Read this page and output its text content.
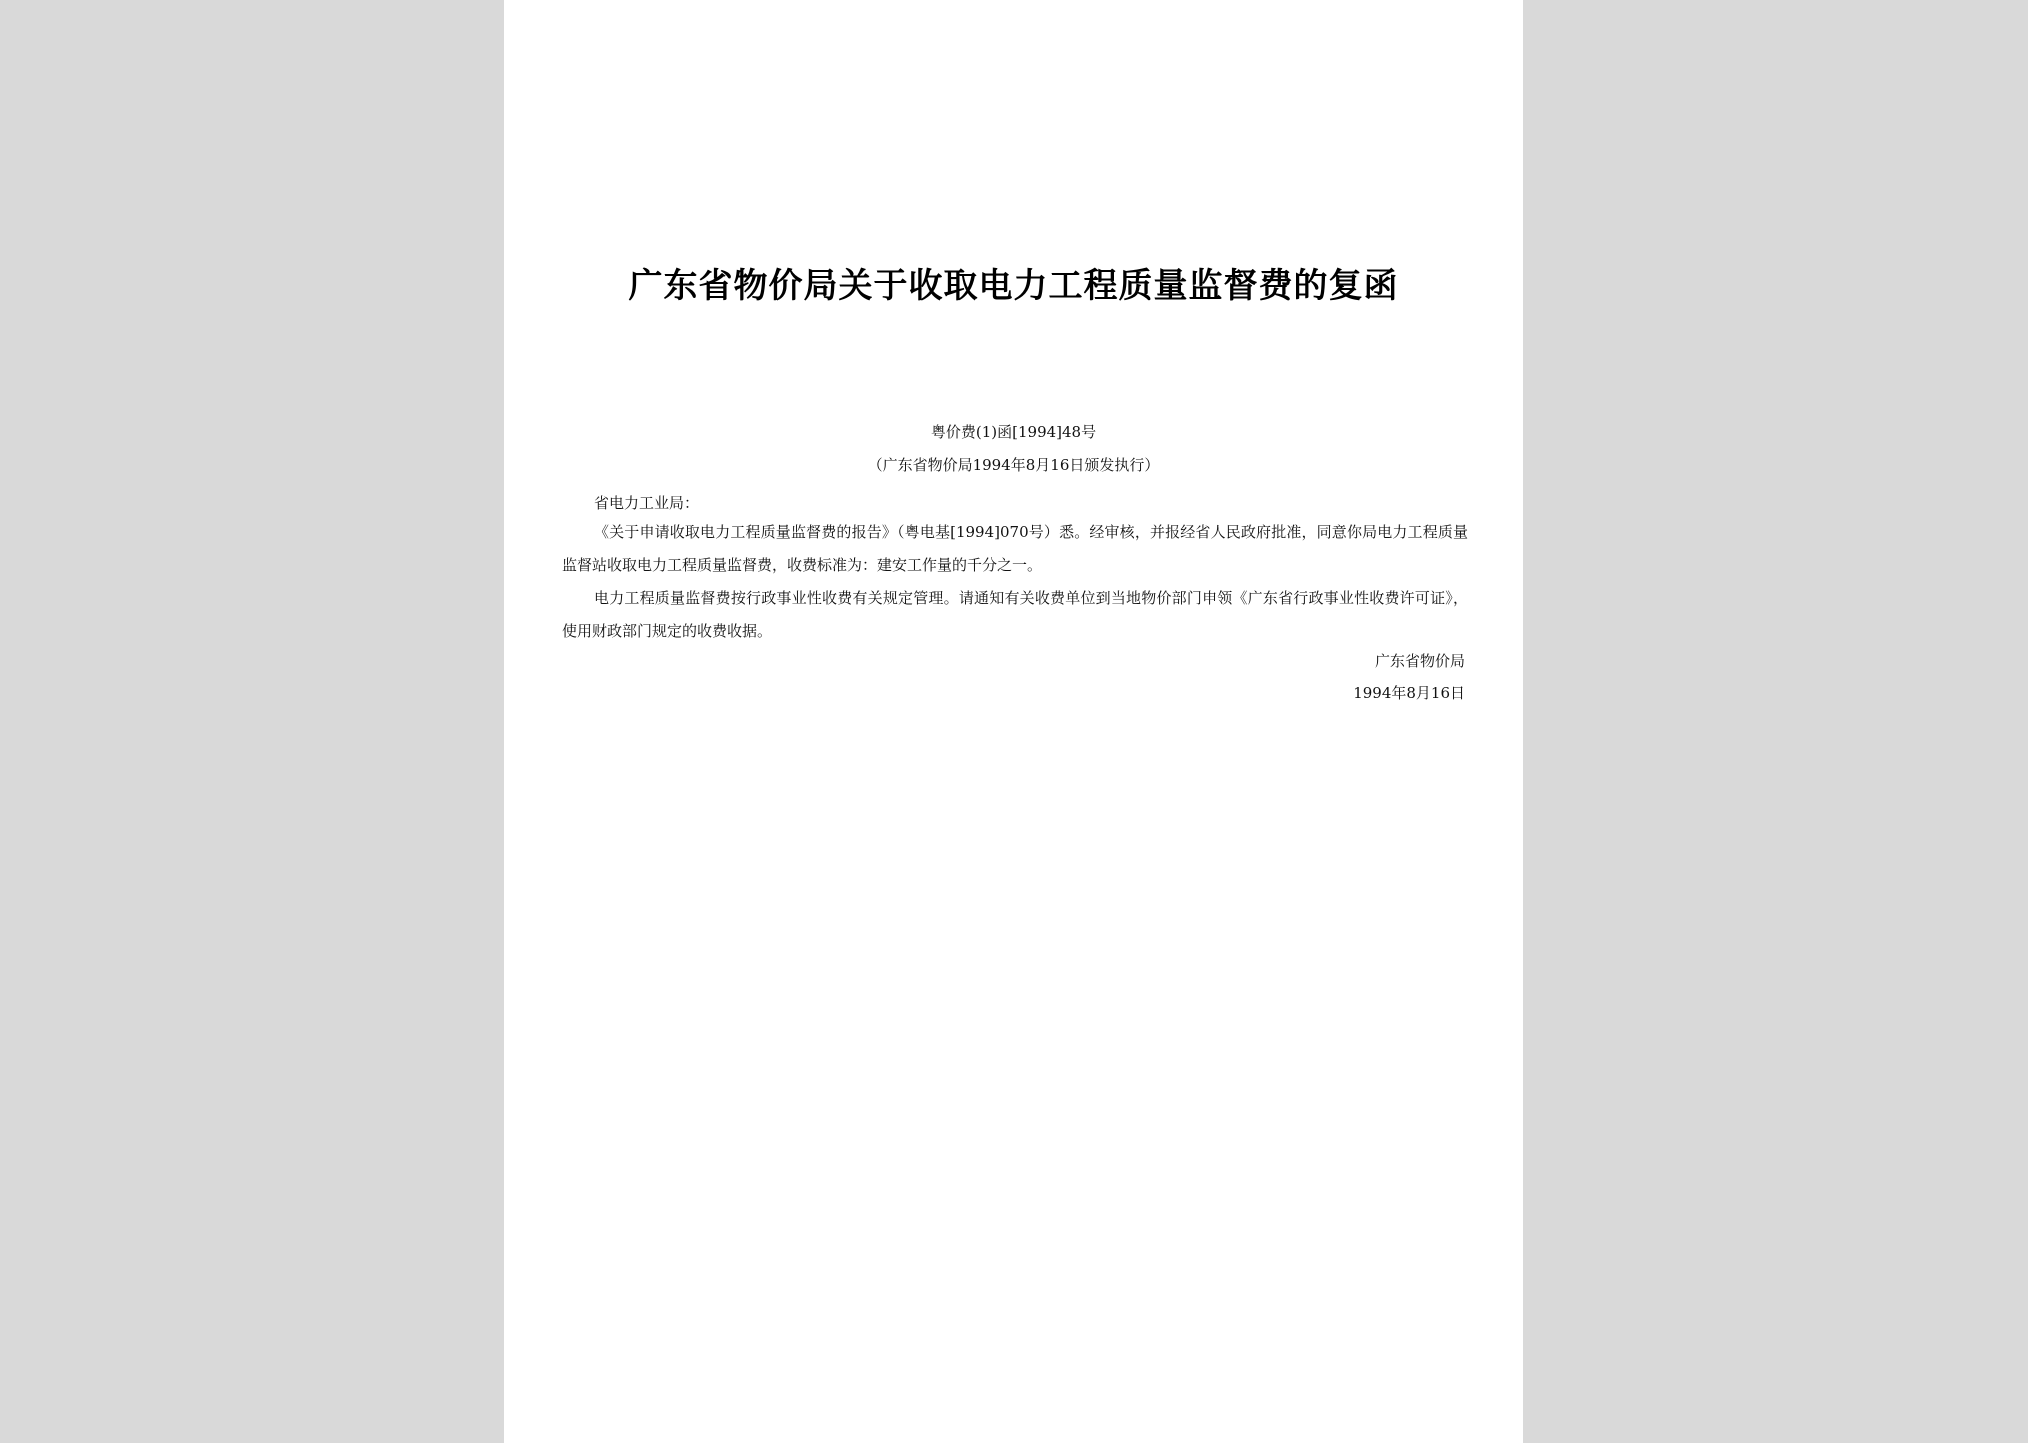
广东省物价局关于收取电力工程质量监督费的复函
粤价费(1)函[1994]48号
（广东省物价局1994年8月16日颁发执行）
省电力工业局：
《关于申请收取电力工程质量监督费的报告》（粤电基[1994]070号）悉。经审核，并报经省人民政府批准，同意你局电力工程质量监督站收取电力工程质量监督费，收费标准为：建安工作量的千分之一。
电力工程质量监督费按行政事业性收费有关规定管理。请通知有关收费单位到当地物价部门申领《广东省行政事业性收费许可证》，使用财政部门规定的收费收据。
广东省物价局
1994年8月16日
